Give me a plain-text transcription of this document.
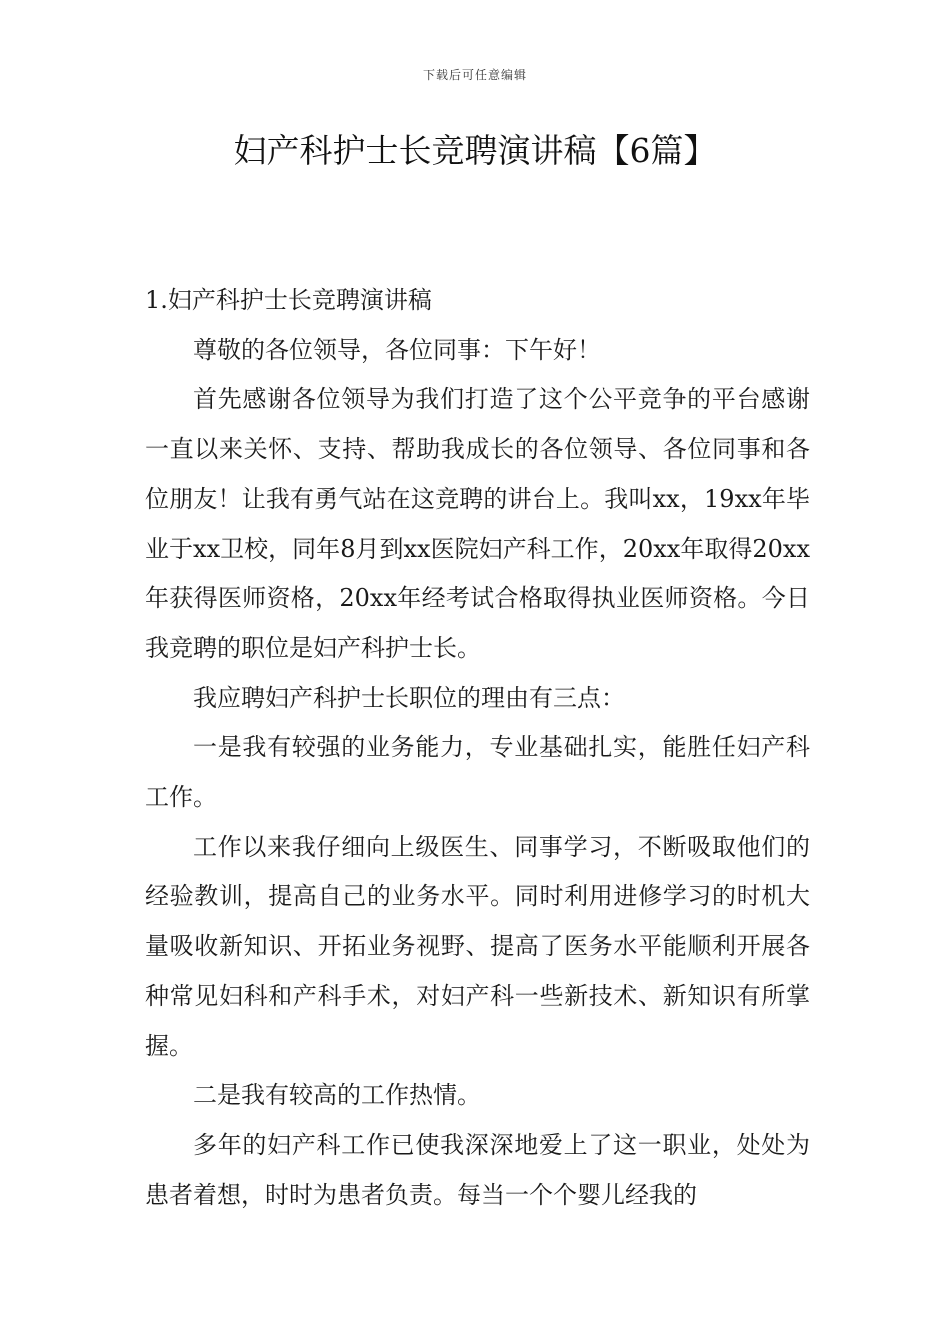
下载后可任意编辑
妇产科护士长竞聘演讲稿【6篇】

1.妇产科护士长竞聘演讲稿

尊敬的各位领导，各位同事：下午好！

首先感谢各位领导为我们打造了这个公平竞争的平台感谢一直以来关怀、支持、帮助我成长的各位领导、各位同事和各位朋友！让我有勇气站在这竞聘的讲台上。我叫xx，19xx年毕业于xx卫校，同年8月到xx医院妇产科工作，20xx年取得20xx年获得医师资格，20xx年经考试合格取得执业医师资格。今日我竞聘的职位是妇产科护士长。

我应聘妇产科护士长职位的理由有三点：

一是我有较强的业务能力，专业基础扎实，能胜任妇产科工作。

工作以来我仔细向上级医生、同事学习，不断吸取他们的经验教训，提高自己的业务水平。同时利用进修学习的时机大量吸收新知识、开拓业务视野、提高了医务水平能顺利开展各种常见妇科和产科手术，对妇产科一些新技术、新知识有所掌握。

二是我有较高的工作热情。

多年的妇产科工作已使我深深地爱上了这一职业，处处为患者着想，时时为患者负责。每当一个个婴儿经我的
